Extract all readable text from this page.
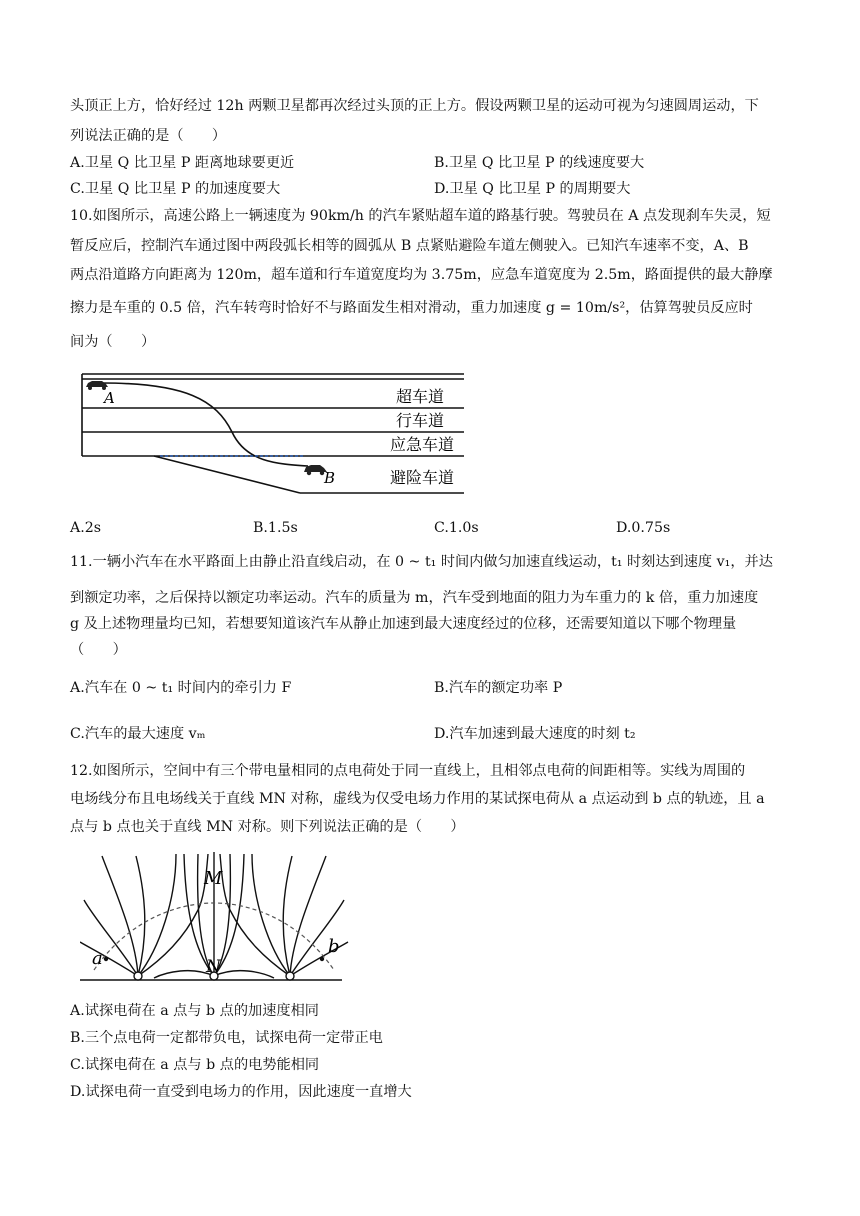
头顶正上方，恰好经过 12h 两颗卫星都再次经过头顶的正上方。假设两颗卫星的运动可视为匀速圆周运动，下
列说法正确的是（　　）
A.卫星 Q 比卫星 P 距离地球要更近	B.卫星 Q 比卫星 P 的线速度要大
C.卫星 Q 比卫星 P 的加速度要大	D.卫星 Q 比卫星 P 的周期要大
10.如图所示，高速公路上一辆速度为 90km/h 的汽车紧贴超车道的路基行驶。驾驶员在 A 点发现刹车失灵，短
暂反应后，控制汽车通过图中两段弧长相等的圆弧从 B 点紧贴避险车道左侧驶入。已知汽车速率不变，A、B
两点沿道路方向距离为 120m，超车道和行车道宽度均为 3.75m，应急车道宽度为 2.5m，路面提供的最大静摩
擦力是车重的 0.5 倍，汽车转弯时恰好不与路面发生相对滑动，重力加速度 g = 10m/s²，估算驾驶员反应时
间为（　　）
A
B
超车道
行车道
应急车道
避险车道
A.2s	B.1.5s	C.1.0s	D.0.75s
11.一辆小汽车在水平路面上由静止沿直线启动，在 0 ~ t₁ 时间内做匀加速直线运动，t₁ 时刻达到速度 v₁，并达
到额定功率，之后保持以额定功率运动。汽车的质量为 m，汽车受到地面的阻力为车重力的 k 倍，重力加速度
g 及上述物理量均已知，若想要知道该汽车从静止加速到最大速度经过的位移，还需要知道以下哪个物理量
（　　）
A.汽车在 0 ~ t₁ 时间内的牵引力 F	B.汽车的额定功率 P
C.汽车的最大速度 vₘ	D.汽车加速到最大速度的时刻 t₂
12.如图所示，空间中有三个带电量相同的点电荷处于同一直线上，且相邻点电荷的间距相等。实线为周围的
电场线分布且电场线关于直线 MN 对称，虚线为仅受电场力作用的某试探电荷从 a 点运动到 b 点的轨迹，且 a
点与 b 点也关于直线 MN 对称。则下列说法正确的是（　　）
M
N
a
b
A.试探电荷在 a 点与 b 点的加速度相同
B.三个点电荷一定都带负电，试探电荷一定带正电
C.试探电荷在 a 点与 b 点的电势能相同
D.试探电荷一直受到电场力的作用，因此速度一直增大
